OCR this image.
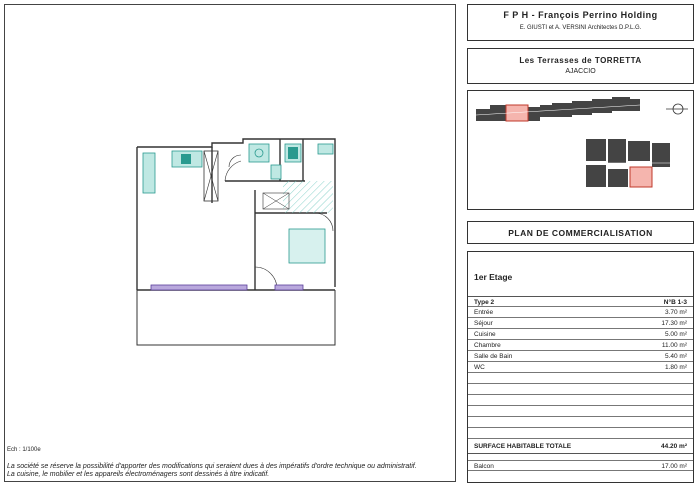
Ech : 1/100e
La société se réserve la possibilité d'apporter des modifications qui seraient dues à des impératifs d'ordre technique ou administratif.
La cuisine, le mobilier et les appareils électroménagers sont dessinés à titre indicatif.
F P H - François Perrino Holding
E. GIUSTI et A. VERSINI Architectes D.P.L.G.
Les Terrasses de TORRETTA
AJACCIO
PLAN DE COMMERCIALISATION
1er Etage
Type 2	N°B 1-3
Entrée	3.70 m²
Séjour	17.30 m²
Cuisine	5.00 m²
Chambre	11.00 m²
Salle de Bain	5.40 m²
WC	1.80 m²
SURFACE HABITABLE TOTALE	44.20 m²
Balcon	17.00 m²
